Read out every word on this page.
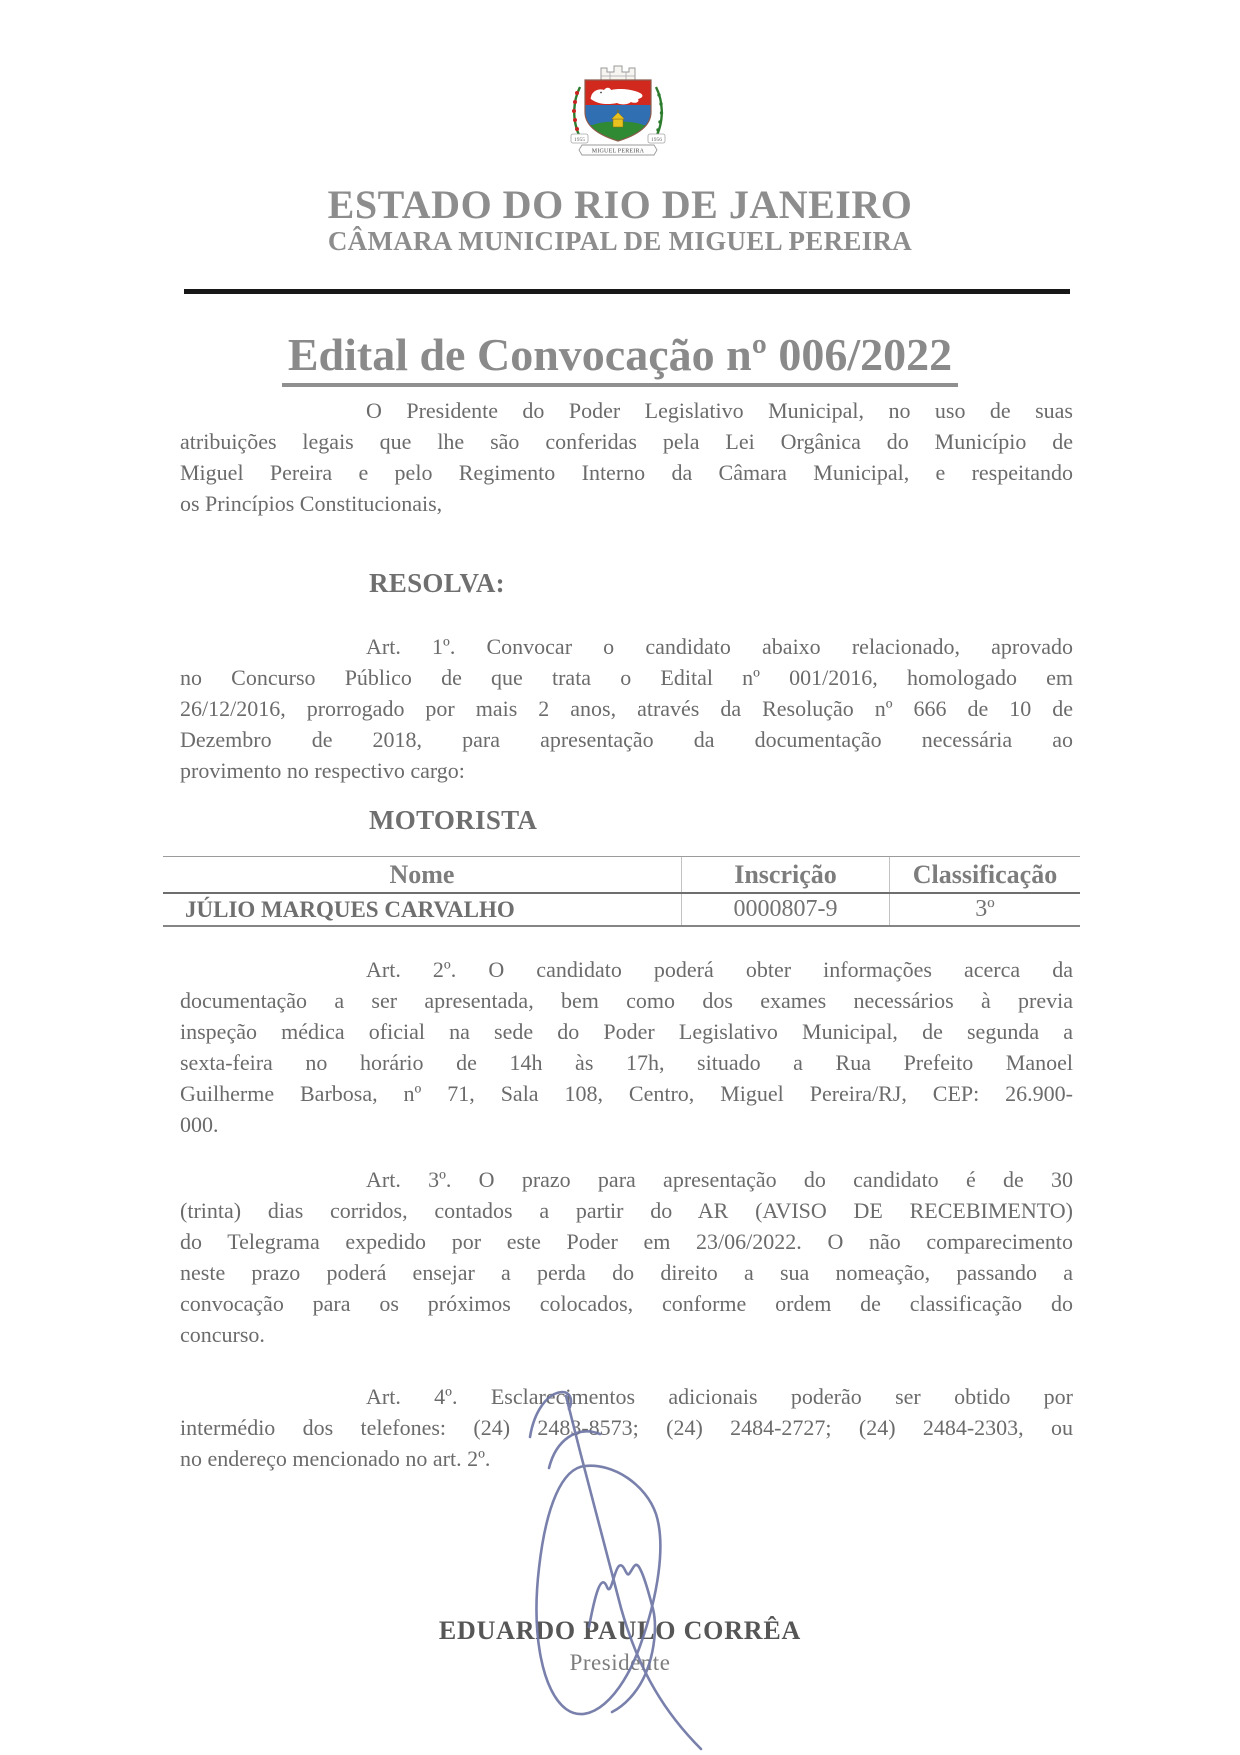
1955	1956
MIGUEL PEREIRA
ESTADO DO RIO DE JANEIRO
CÂMARA MUNICIPAL DE MIGUEL PEREIRA
Edital de Convocação nº 006/2022
O Presidente do Poder Legislativo Municipal, no uso de suas
atribuições legais que lhe são conferidas pela Lei Orgânica do Município de
Miguel Pereira e pelo Regimento Interno da Câmara Municipal, e respeitando
os Princípios Constitucionais,
RESOLVA:
Art. 1º. Convocar o candidato abaixo relacionado, aprovado
no Concurso Público de que trata o Edital nº 001/2016, homologado em
26/12/2016, prorrogado por mais 2 anos, através da Resolução nº 666 de 10 de
Dezembro de 2018, para apresentação da documentação necessária ao
provimento no respectivo cargo:
MOTORISTA
Nome	Inscrição	Classificação
JÚLIO MARQUES CARVALHO	0000807-9	3º
Art. 2º. O candidato poderá obter informações acerca da
documentação a ser apresentada, bem como dos exames necessários à previa
inspeção médica oficial na sede do Poder Legislativo Municipal, de segunda a
sexta-feira no horário de 14h às 17h, situado a Rua Prefeito Manoel
Guilherme Barbosa, nº 71, Sala 108, Centro, Miguel Pereira/RJ, CEP: 26.900-
000.
Art. 3º. O prazo para apresentação do candidato é de 30
(trinta) dias corridos, contados a partir do AR (AVISO DE RECEBIMENTO)
do Telegrama expedido por este Poder em 23/06/2022. O não comparecimento
neste prazo poderá ensejar a perda do direito a sua nomeação, passando a
convocação para os próximos colocados, conforme ordem de classificação do
concurso.
Art. 4º. Esclarecimentos adicionais poderão ser obtido por
intermédio dos telefones: (24) 2483-8573; (24) 2484-2727; (24) 2484-2303, ou
no endereço mencionado no art. 2º.
EDUARDO PAULO CORRÊA
Presidente
